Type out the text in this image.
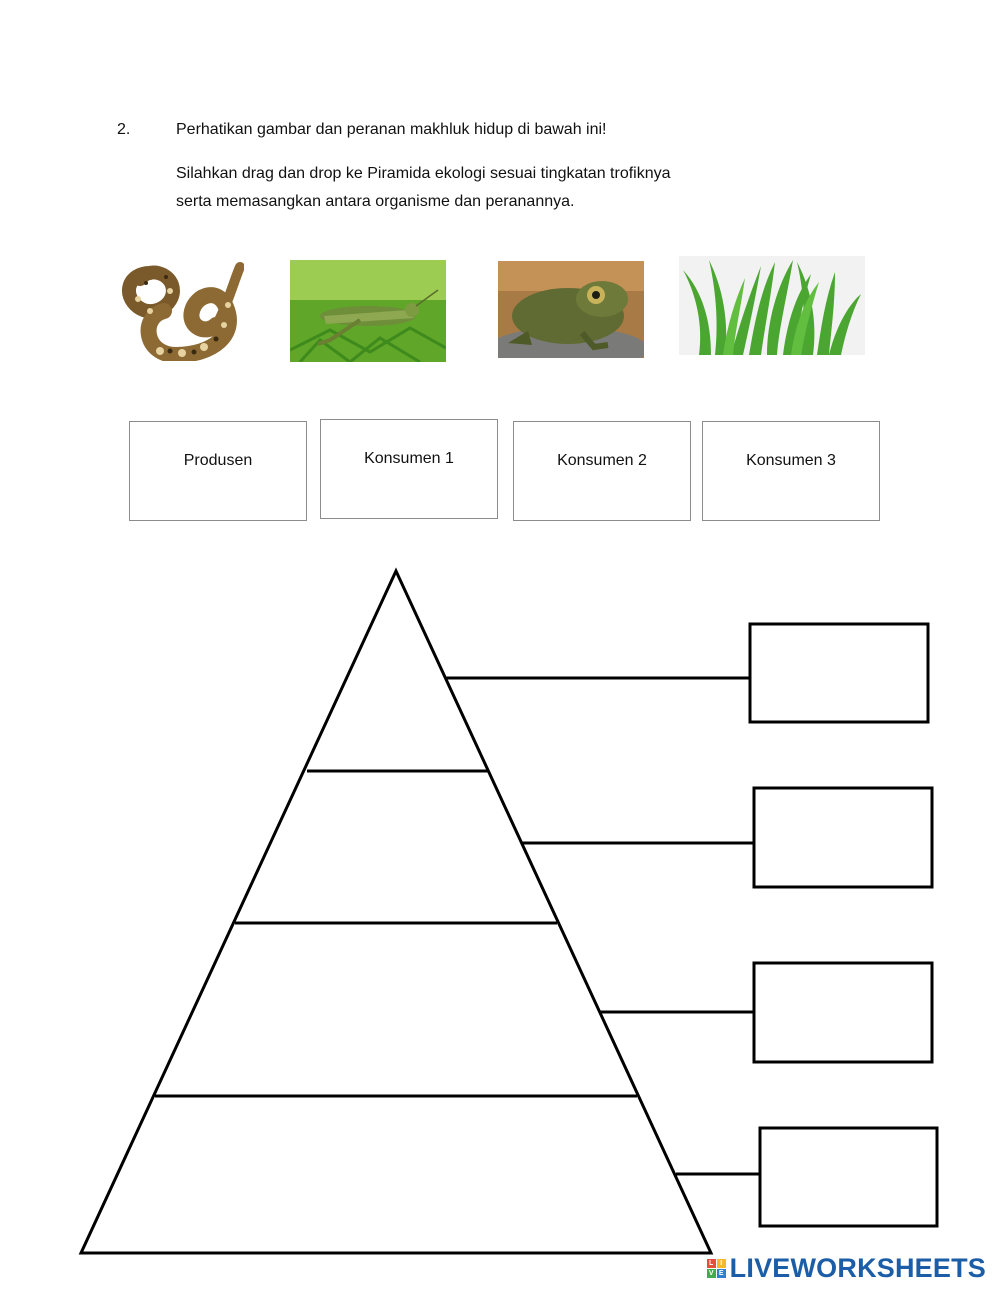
2.	Perhatikan gambar dan peranan makhluk hidup di bawah ini!
Silahkan drag dan drop ke Piramida ekologi sesuai tingkatan trofiknya
serta memasangkan antara organisme dan peranannya.
Produsen	Konsumen 1	Konsumen 2	Konsumen 3
L I
V E LIVEWORKSHEETS
